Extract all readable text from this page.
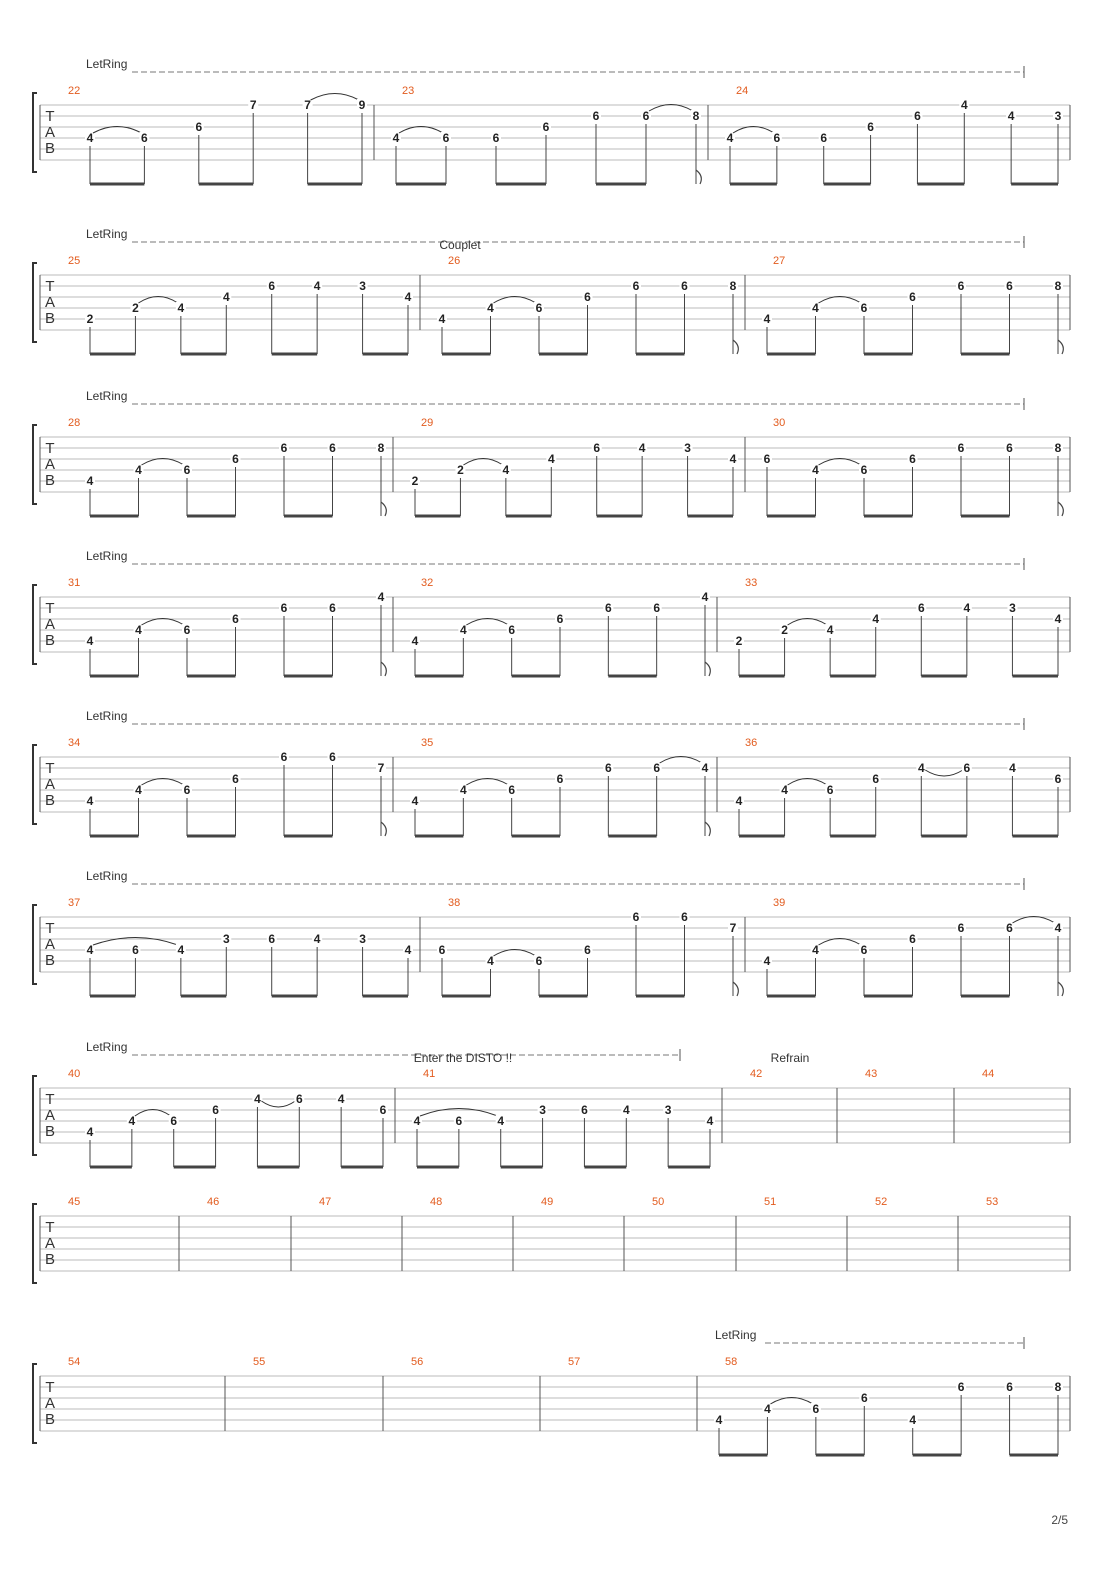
LetRing
T
A
B
22
4	6
6
7	7	9
23
4	6	6
6
6	6	8
24
4	6	6
6
6
4
4	3
LetRing
Couplet
T
A
B
25
2
2	4
4
6	4	3
4
26
4
4	6
6
6	6	8
27
4
4	6
6
6	6	8
LetRing
T
A
B
28
4
4	6
6
6	6	8
29
2
2	4
4
6	4	3
4
30
6
4	6
6
6	6	8
LetRing
T
A
B
31
4
4	6
6
6	6
4
32
4
4	6
6
6	6
4
33
2
2	4
4
6	4	3
4
LetRing
T
A
B
34
4
4	6
6
6	6
7
35
4
4	6
6
6	6	4
36
4
4	6
6
4	6	4
6
LetRing
T
A
B
37
4	6	4
3	6	4	3
4
38
6
4	6
6
6	6
7
39
4
4	6
6
6	6	4
LetRing
Enter the DISTO !!	Refrain
T
A
B
40
4
4	6
6
4	6	4
6
41
4	6	4
3	6	4	3
4
42	43	44
T
A
B
45	46	47	48	49	50	51	52	53
LetRing
T
A
B
54	55	56	57	58
4
4	6
6
4
6	6	8
2/5
